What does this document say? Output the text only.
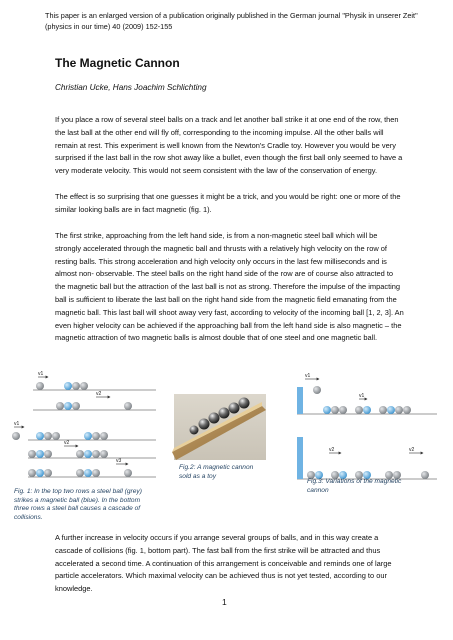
This paper is an enlarged version of a publication originally published in the German journal "Physik in unserer Zeit" (physics in our time) 40 (2009) 152-155
The Magnetic Cannon
Christian Ucke, Hans Joachim Schlichting

If you place a row of several steel balls on a track and let another ball strike it at one end of the row, then the last ball at the other end will fly off, corresponding to the incoming impulse. All the other balls will remain at rest. This experiment is well known from the Newton's Cradle toy. However you would be very surprised if the last ball in the row shot away like a bullet, even though the first ball only seemed to have a very moderate velocity. This would not seem consistent with the law of the conservation of energy.

The effect is so surprising that one guesses it might be a trick, and you would be right: one or more of the similar looking balls are in fact magnetic (fig. 1).

The first strike, approaching from the left hand side, is from a non-magnetic steel ball which will be strongly accelerated through the magnetic ball and thrusts with a relatively high velocity on the row of resting balls. This strong acceleration and high velocity only occurs in the last few milliseconds and is almost non- observable. The steel balls on the right hand side of the row are of course also attracted to the magnetic ball but the attraction of the last ball is not as strong. Therefore the impulse of the impacting ball is sufficient to liberate the last ball on the right hand side from the magnetic field emanating from the magnetic ball. This last ball will shoot away very fast, according to velocity of the incoming ball [1, 2, 3]. An even higher velocity can be achieved if the approaching ball from the left hand side is also magnetic – the magnetic attraction of two magnetic balls is almost double that of one steel and one magnetic ball.

v1
v2
v1
v2
v3
Fig. 1: In the top two rows a steel ball (grey) strikes a magnetic ball (blue). In the bottom three rows a steel ball causes a cascade of collisions.
Fig.2: A magnetic cannon sold as a toy
v1
v1
v2	v2
Fig.3: Variations of the magnetic cannon

A further increase in velocity occurs if you arrange several groups of balls, and in this way create a cascade of collisions (fig. 1, bottom part). The fast ball from the first strike will be attracted and thus accelerated a second time. A continuation of this arrangement is conceivable and reminds one of large particle accelerators. Which maximal velocity can be achieved thus is not yet tested, according to our knowledge.

1
